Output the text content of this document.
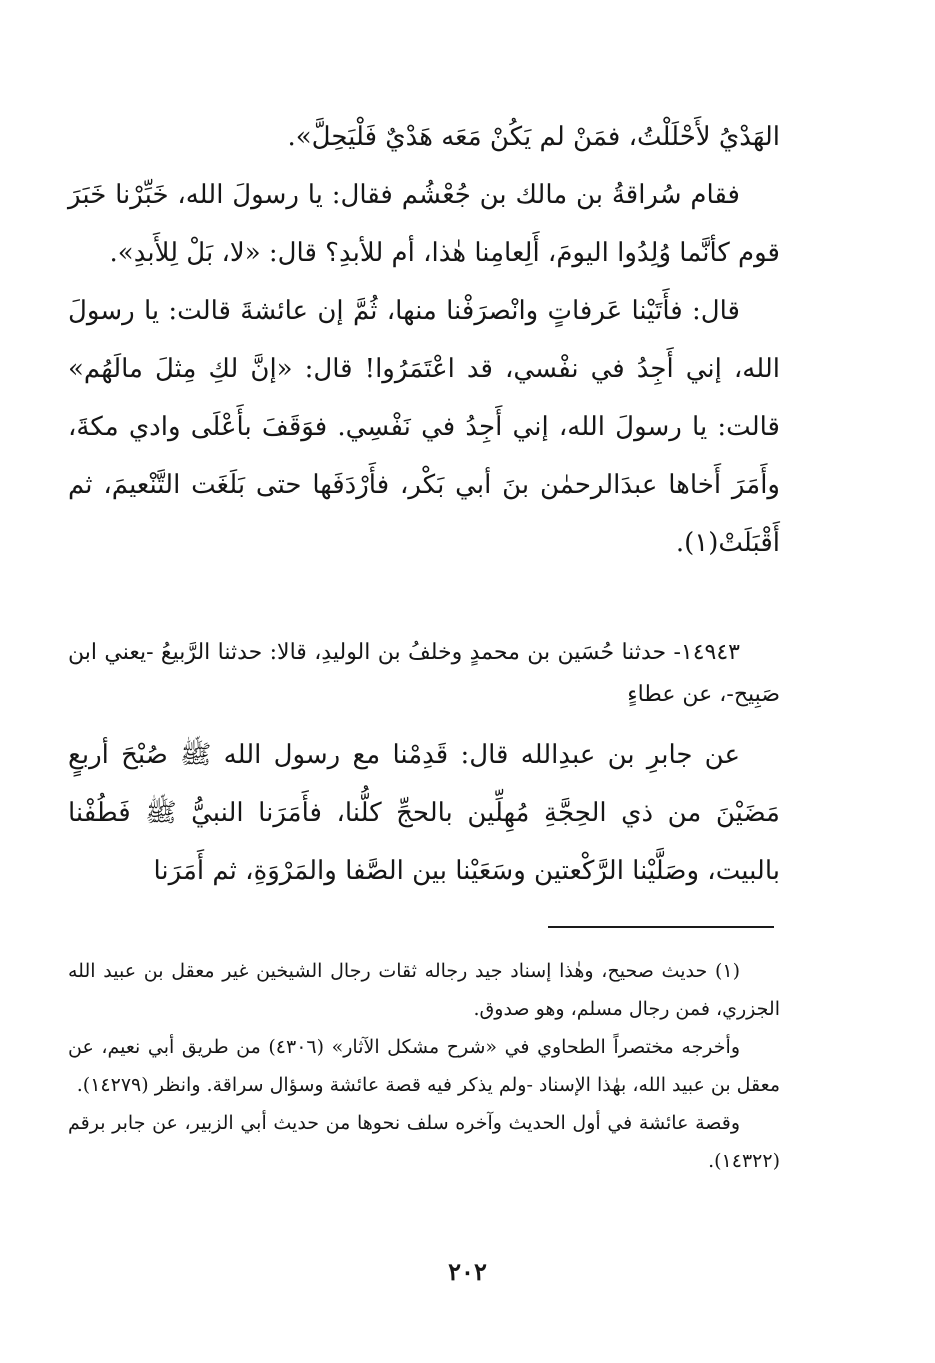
الهَدْيُ لأَحْلَلْتُ، فمَنْ لم يَكُنْ مَعَه هَدْيٌ فَلْيَحِلَّ».

فقام سُراقةُ بن مالك بن جُعْشُم فقال: يا رسولَ الله، خَبِّرْنا خَبَرَ قوم كأنَّما وُلِدُوا اليومَ، أَلِعامِنا هٰذا، أم للأبدِ؟ قال: «لا، بَلْ لِلأَبدِ».

قال: فأَتَيْنا عَرفاتٍ وانْصرَفْنا منها، ثُمَّ إن عائشةَ قالت: يا رسولَ الله، إني أَجِدُ في نفْسي، قد اعْتَمَرُوا! قال: «إنَّ لكِ مِثلَ مالَهُم» قالت: يا رسولَ الله، إني أَجِدُ في نَفْسِي. فوَقَفَ بأَعْلَى وادي مكةَ، وأَمَرَ أَخاها عبدَالرحمٰن بنَ أبي بَكْر، فأَرْدَفَها حتى بَلَغَت التَّنْعيمَ، ثم أَقْبَلَتْ(١).

١٤٩٤٣- حدثنا حُسَين بن محمدٍ وخلفُ بن الوليدِ، قالا: حدثنا الرَّبيعُ -يعني ابن صَبِيح-، عن عطاءٍ

عن جابرِ بن عبدِالله قال: قَدِمْنا مع رسول الله ﷺ صُبْحَ أربعٍ مَضَيْنَ من ذي الحِجَّةِ مُهِلِّين بالحجِّ كلُّنا، فأَمَرَنا النبيُّ ﷺ فَطُفْنا بالبيت، وصَلَّيْنا الرَّكْعتين وسَعَيْنا بين الصَّفا والمَرْوَةِ، ثم أَمَرَنا

(١) حديث صحيح، وهٰذا إسناد جيد رجاله ثقات رجال الشيخين غير معقل بن عبيد الله الجزري، فمن رجال مسلم، وهو صدوق.

وأخرجه مختصراً الطحاوي في «شرح مشكل الآثار» (٤٣٠٦) من طريق أبي نعيم، عن معقل بن عبيد الله، بهٰذا الإسناد -ولم يذكر فيه قصة عائشة وسؤال سراقة. وانظر (١٤٢٧٩).

وقصة عائشة في أول الحديث وآخره سلف نحوها من حديث أبي الزبير، عن جابر برقم (١٤٣٢٢).

٢٠٢
